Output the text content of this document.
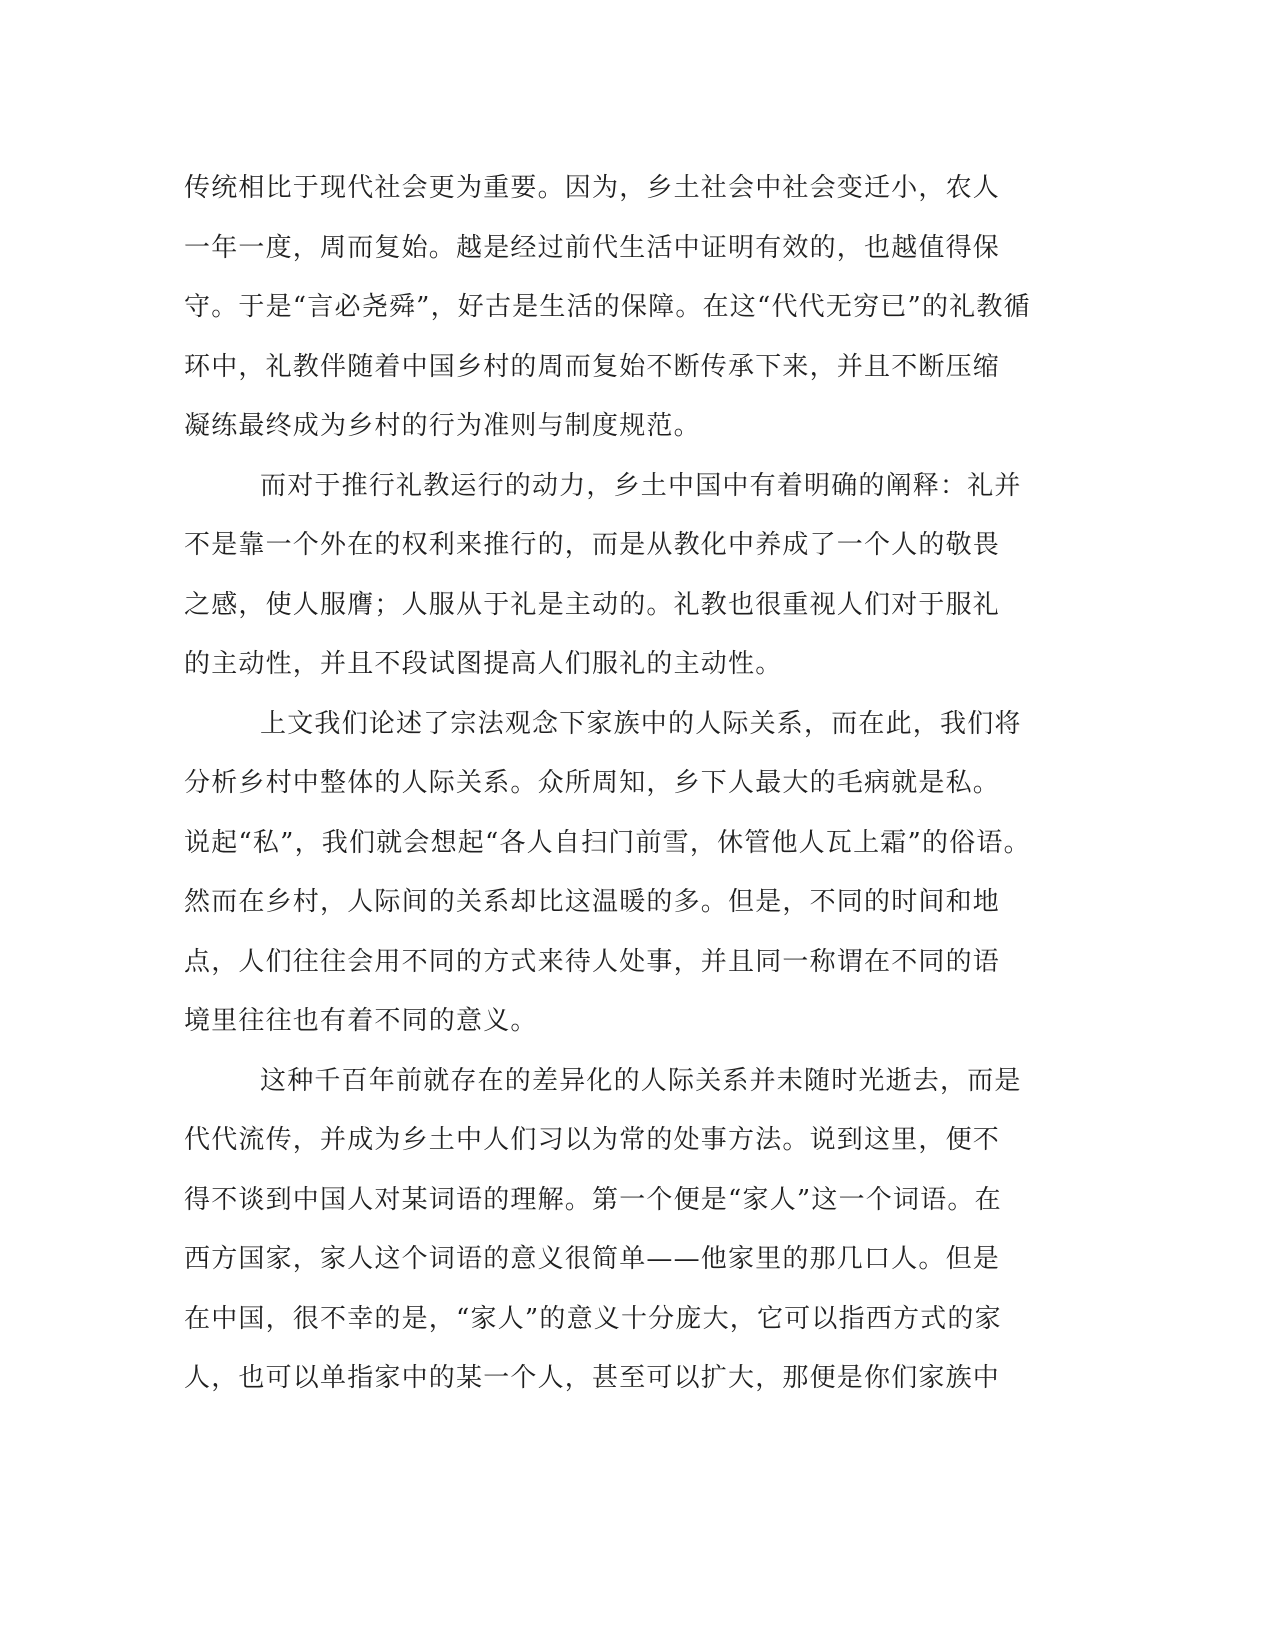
传统相比于现代社会更为重要。因为，乡土社会中社会变迁小，农人
一年一度，周而复始。越是经过前代生活中证明有效的，也越值得保
守。于是“言必尧舜”，好古是生活的保障。在这“代代无穷已”的礼教循
环中，礼教伴随着中国乡村的周而复始不断传承下来，并且不断压缩
凝练最终成为乡村的行为准则与制度规范。
而对于推行礼教运行的动力，乡土中国中有着明确的阐释：礼并
不是靠一个外在的权利来推行的，而是从教化中养成了一个人的敬畏
之感，使人服膺；人服从于礼是主动的。礼教也很重视人们对于服礼
的主动性，并且不段试图提高人们服礼的主动性。
上文我们论述了宗法观念下家族中的人际关系，而在此，我们将
分析乡村中整体的人际关系。众所周知，乡下人最大的毛病就是私。
说起“私”，我们就会想起“各人自扫门前雪，休管他人瓦上霜”的俗语。
然而在乡村，人际间的关系却比这温暖的多。但是，不同的时间和地
点，人们往往会用不同的方式来待人处事，并且同一称谓在不同的语
境里往往也有着不同的意义。
这种千百年前就存在的差异化的人际关系并未随时光逝去，而是
代代流传，并成为乡土中人们习以为常的处事方法。说到这里，便不
得不谈到中国人对某词语的理解。第一个便是“家人”这一个词语。在
西方国家，家人这个词语的意义很简单——他家里的那几口人。但是
在中国，很不幸的是，“家人”的意义十分庞大，它可以指西方式的家
人，也可以单指家中的某一个人，甚至可以扩大，那便是你们家族中
